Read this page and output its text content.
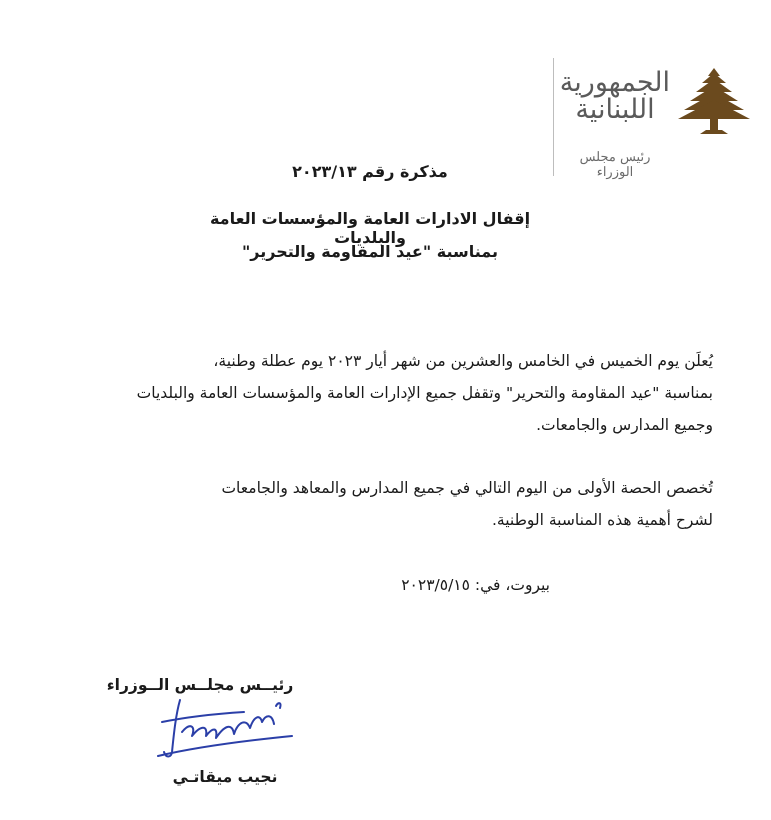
الجمهورية
اللبنانية
رئيس مجلس الوزراء
مذكرة رقم ٢٠٢٣/١٣
إقفال الادارات العامة والمؤسسات العامة والبلديات
بمناسبة "عيد المقاومة والتحرير"
يُعلَن يوم الخميس في الخامس والعشرين من شهر أيار ٢٠٢٣ يوم عطلة وطنية،
بمناسبة "عيد المقاومة والتحرير" وتقفل جميع الإدارات العامة والمؤسسات العامة والبلديات
وجميع المدارس والجامعات.
تُخصص الحصة الأولى من اليوم التالي في جميع المدارس والمعاهد والجامعات
لشرح أهمية هذه المناسبة الوطنية.
بيروت، في: ٢٠٢٣/٥/١٥
رئيــس مجلــس الــوزراء
نجيب ميقاتـي
